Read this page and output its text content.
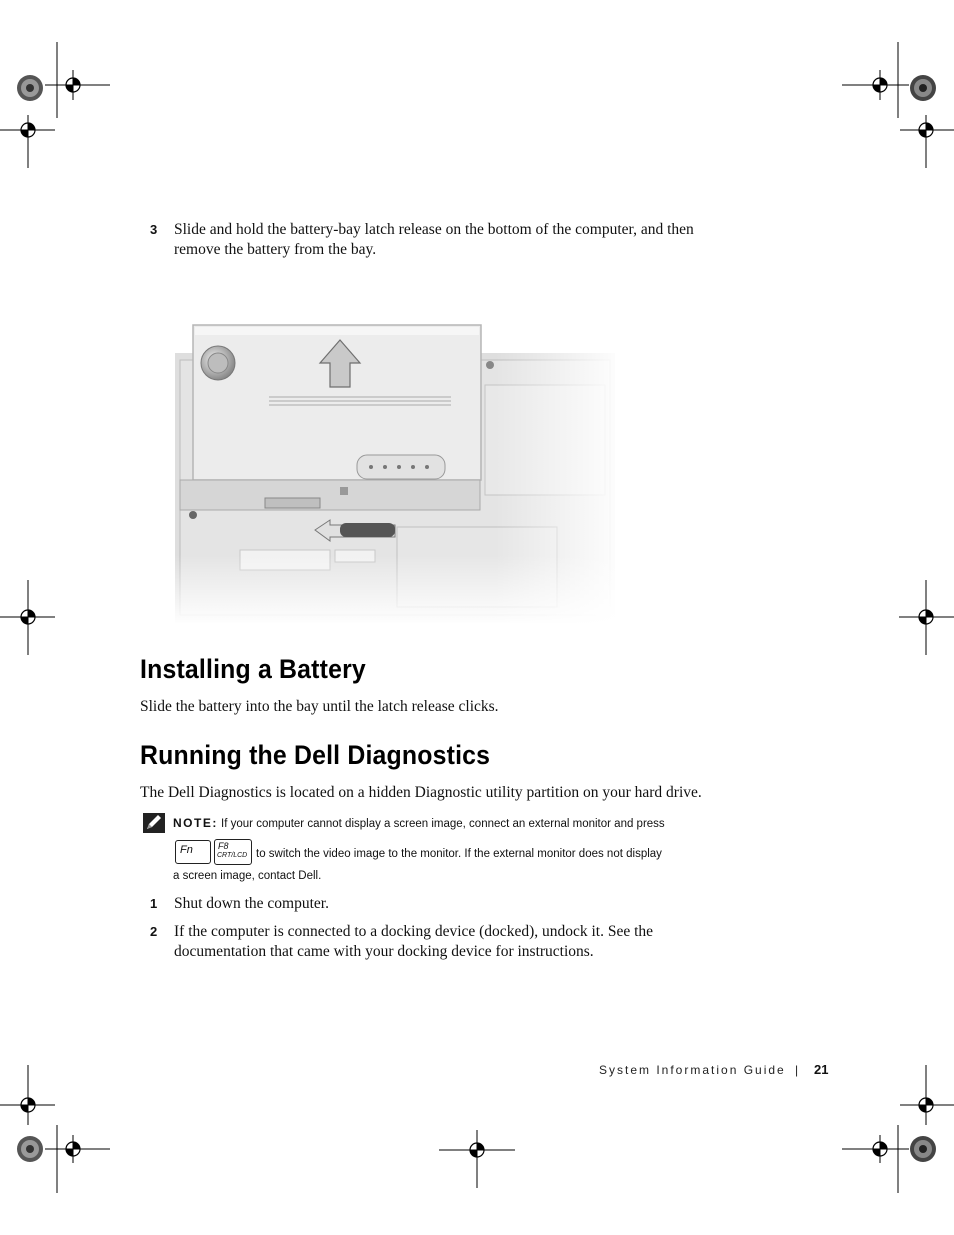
3 Slide and hold the battery-bay latch release on the bottom of the computer, and then
remove the battery from the bay.
Installing a Battery
Slide the battery into the bay until the latch release clicks.
Running the Dell Diagnostics
The Dell Diagnostics is located on a hidden Diagnostic utility partition on your hard drive.
NOTE: If your computer cannot display a screen image, connect an external monitor and press
Fn	F8
CRT/LCD to switch the video image to the monitor. If the external monitor does not display
a screen image, contact Dell.
1 Shut down the computer.
2 If the computer is connected to a docking device (docked), undock it. See the
documentation that came with your docking device for instructions.
System Information Guide | 21
